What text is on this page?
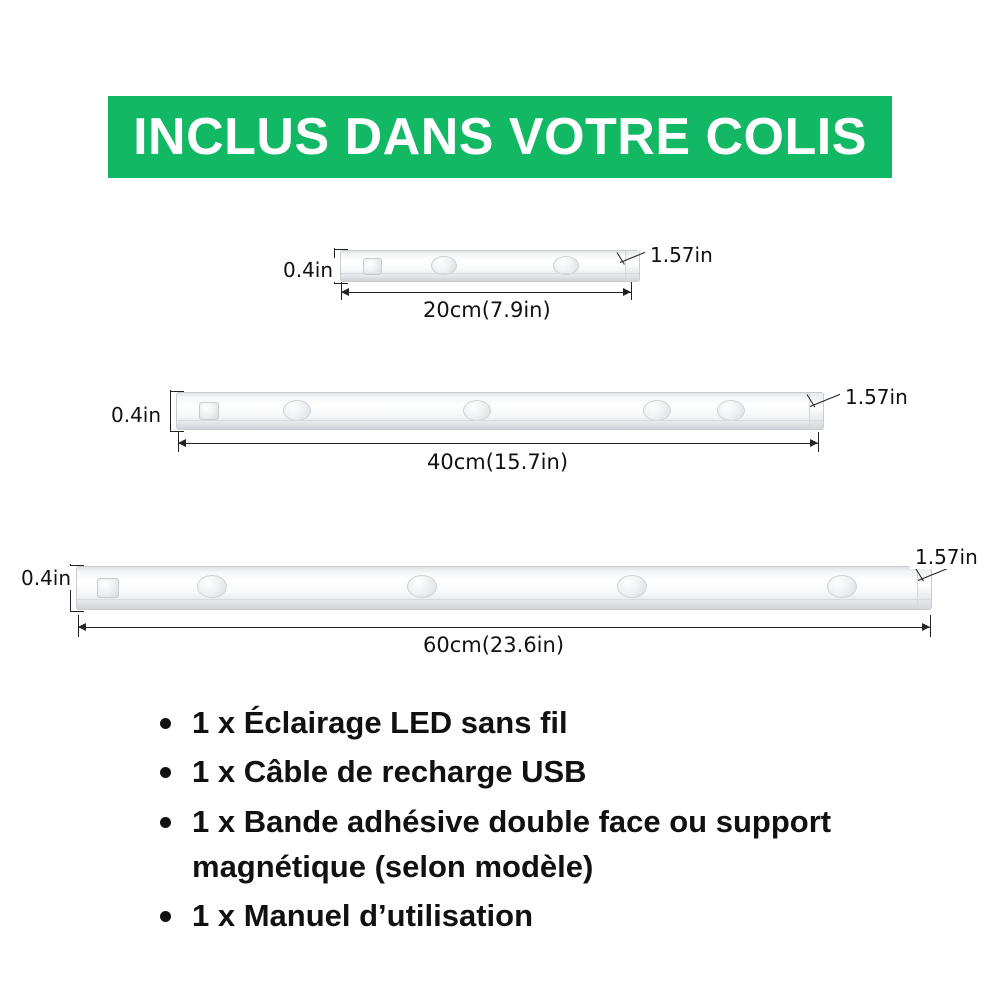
INCLUS DANS VOTRE COLIS
0.4in
1.57in
20cm(7.9in)
0.4in
1.57in
40cm(15.7in)
0.4in
1.57in
60cm(23.6in)
1 x Éclairage LED sans fil
1 x Câble de recharge USB
1 x Bande adhésive double face ou support magnétique (selon modèle)
1 x Manuel d’utilisation
